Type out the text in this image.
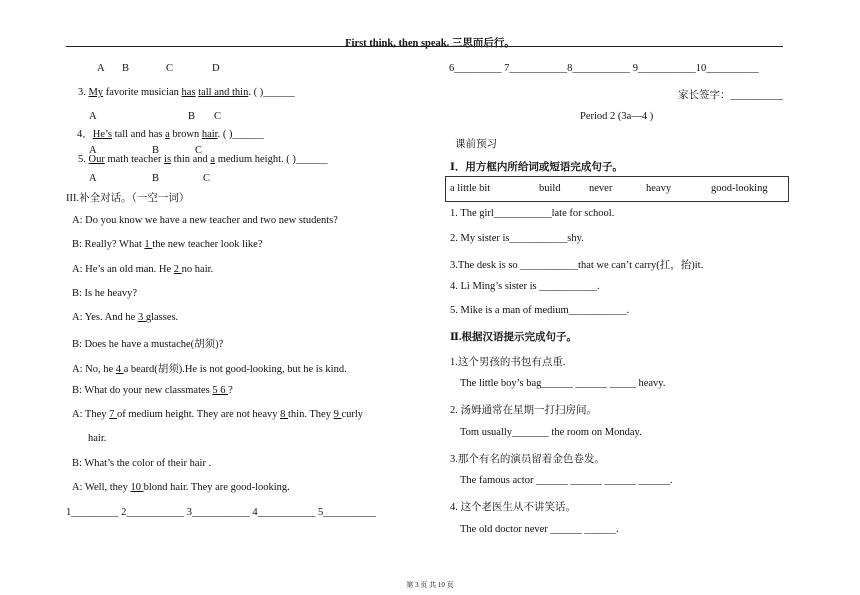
First think, then speak. 三思而后行。
A B	C	D
3. My favorite musician has tall and thin. ( )______
A	B C
4．He’s tall and has a brown hair. ( )______
A	B	C
5. Our math teacher is thin and a medium height. ( )______
A	B	C
III.补全对话。（一空一词）
A: Do you know we have a new teacher and two new students?
B: Really? What 1 the new teacher look like?
A: He’s an old man. He 2 no hair.
B: Is he heavy?
A: Yes. And he 3 glasses.
B: Does he have a mustache(胡须)?
A: No, he 4 a beard(胡须).He is not good-looking, but he is kind.
B: What do your new classmates 5 6 ?
A: They 7 of medium height. They are not heavy 8 thin. They 9 curly
hair.
B: What’s the color of their hair .
A: Well, they 10 blond hair. They are good-looking.
1_________ 2___________ 3___________ 4___________ 5__________
6_________ 7___________8___________ 9___________10__________
家长签字：__________
Period 2 (3a—4 )
课前预习
Ⅰ．用方框内所给词或短语完成句子。
a little bit	build	never	heavy	good-looking
1. The girl___________late for school.
2. My sister is___________shy.
3.The desk is so ___________that we can’t carry(扛，抬)it.
4. Li Ming’s sister is ___________.
5. Mike is a man of medium___________.
Ⅱ.根据汉语提示完成句子。
1.这个男孩的书包有点重.
The little boy’s bag______ ______ _____ heavy.
2. 汤姆通常在星期一打扫房间。
Tom usually_______ the room on Monday.
3.那个有名的演员留着金色卷发。
The famous actor ______ ______ ______ ______.
4. 这个老医生从不讲笑话。
The old doctor never ______ ______.
第 3 页 共 10 页
